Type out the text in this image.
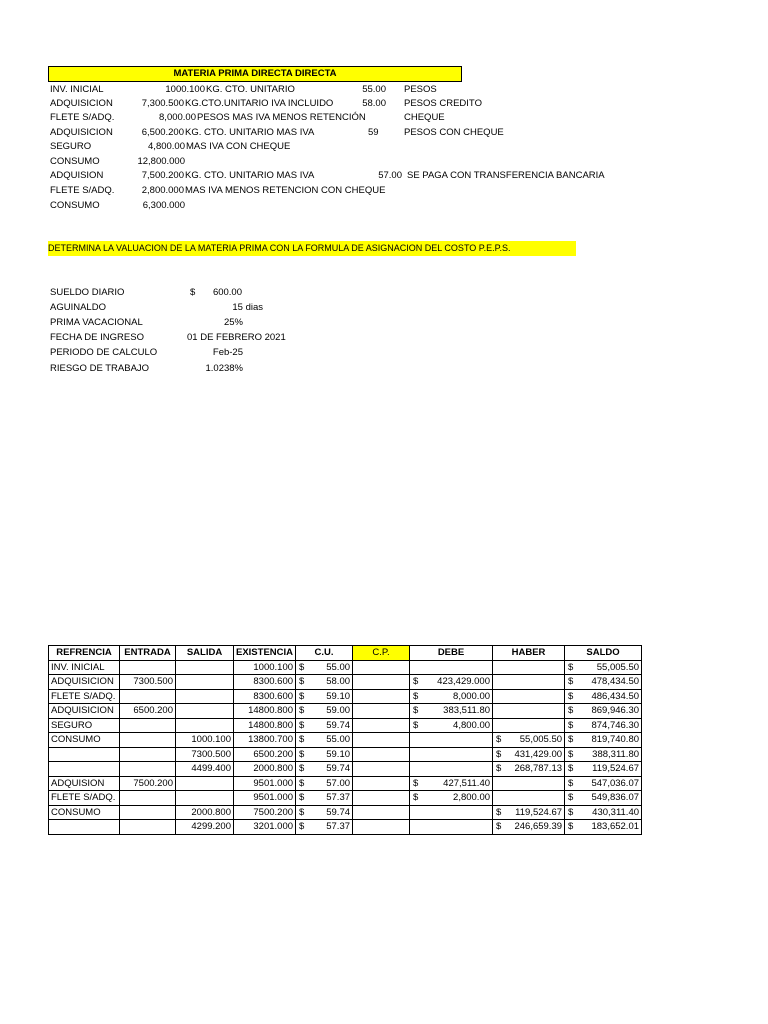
MATERIA PRIMA DIRECTA DIRECTA
INV. INICIAL	1000.100 KG. CTO. UNITARIO	55.00 PESOS
ADQUISICION	7,300.500 KG.CTO.UNITARIO IVA INCLUIDO	58.00 PESOS CREDITO
FLETE S/ADQ.	8,000.00 PESOS MAS IVA MENOS RETENCIÓN	CHEQUE
ADQUISICION	6,500.200 KG. CTO. UNITARIO MAS IVA	59	PESOS CON CHEQUE
SEGURO	4,800.00 MAS IVA CON CHEQUE
CONSUMO	12,800.000
ADQUISION	7,500.200 KG. CTO. UNITARIO MAS IVA	57.00 SE PAGA CON TRANSFERENCIA BANCARIA
FLETE S/ADQ.	2,800.000 MAS IVA MENOS RETENCION CON CHEQUE
CONSUMO	6,300.000
DETERMINA LA VALUACION DE LA MATERIA PRIMA CON LA FORMULA DE ASIGNACION DEL COSTO P.E.P.S.
SUELDO DIARIO	$	600.00
AGUINALDO	15 dias
PRIMA VACACIONAL	25%
FECHA DE INGRESO	01 DE FEBRERO 2021
PERIODO DE CALCULO	Feb-25
RIESGO DE TRABAJO	1.0238%
REFRENCIA	ENTRADA	SALIDA	EXISTENCIA	C.U.	C.P.	DEBE	HABER	SALDO
INV. INICIAL			1000.100	$ 55.00				$ 55,005.50
ADQUISICION	7300.500		8300.600	$ 58.00		$ 423,429.000		$ 478,434.50
FLETE S/ADQ.			8300.600	$ 59.10		$ 8,000.00		$ 486,434.50
ADQUISICION	6500.200		14800.800	$ 59.00		$ 383,511.80		$ 869,946.30
SEGURO			14800.800	$ 59.74		$ 4,800.00		$ 874,746.30
CONSUMO		1000.100	13800.700	$ 55.00			$ 55,005.50	$ 819,740.80
		7300.500	6500.200	$ 59.10			$ 431,429.00	$ 388,311.80
		4499.400	2000.800	$ 59.74			$ 268,787.13	$ 119,524.67
ADQUISION	7500.200		9501.000	$ 57.00		$ 427,511.40		$ 547,036.07
FLETE S/ADQ.			9501.000	$ 57.37		$ 2,800.00		$ 549,836.07
CONSUMO		2000.800	7500.200	$ 59.74			$ 119,524.67	$ 430,311.40
		4299.200	3201.000	$ 57.37			$ 246,659.39	$ 183,652.01
